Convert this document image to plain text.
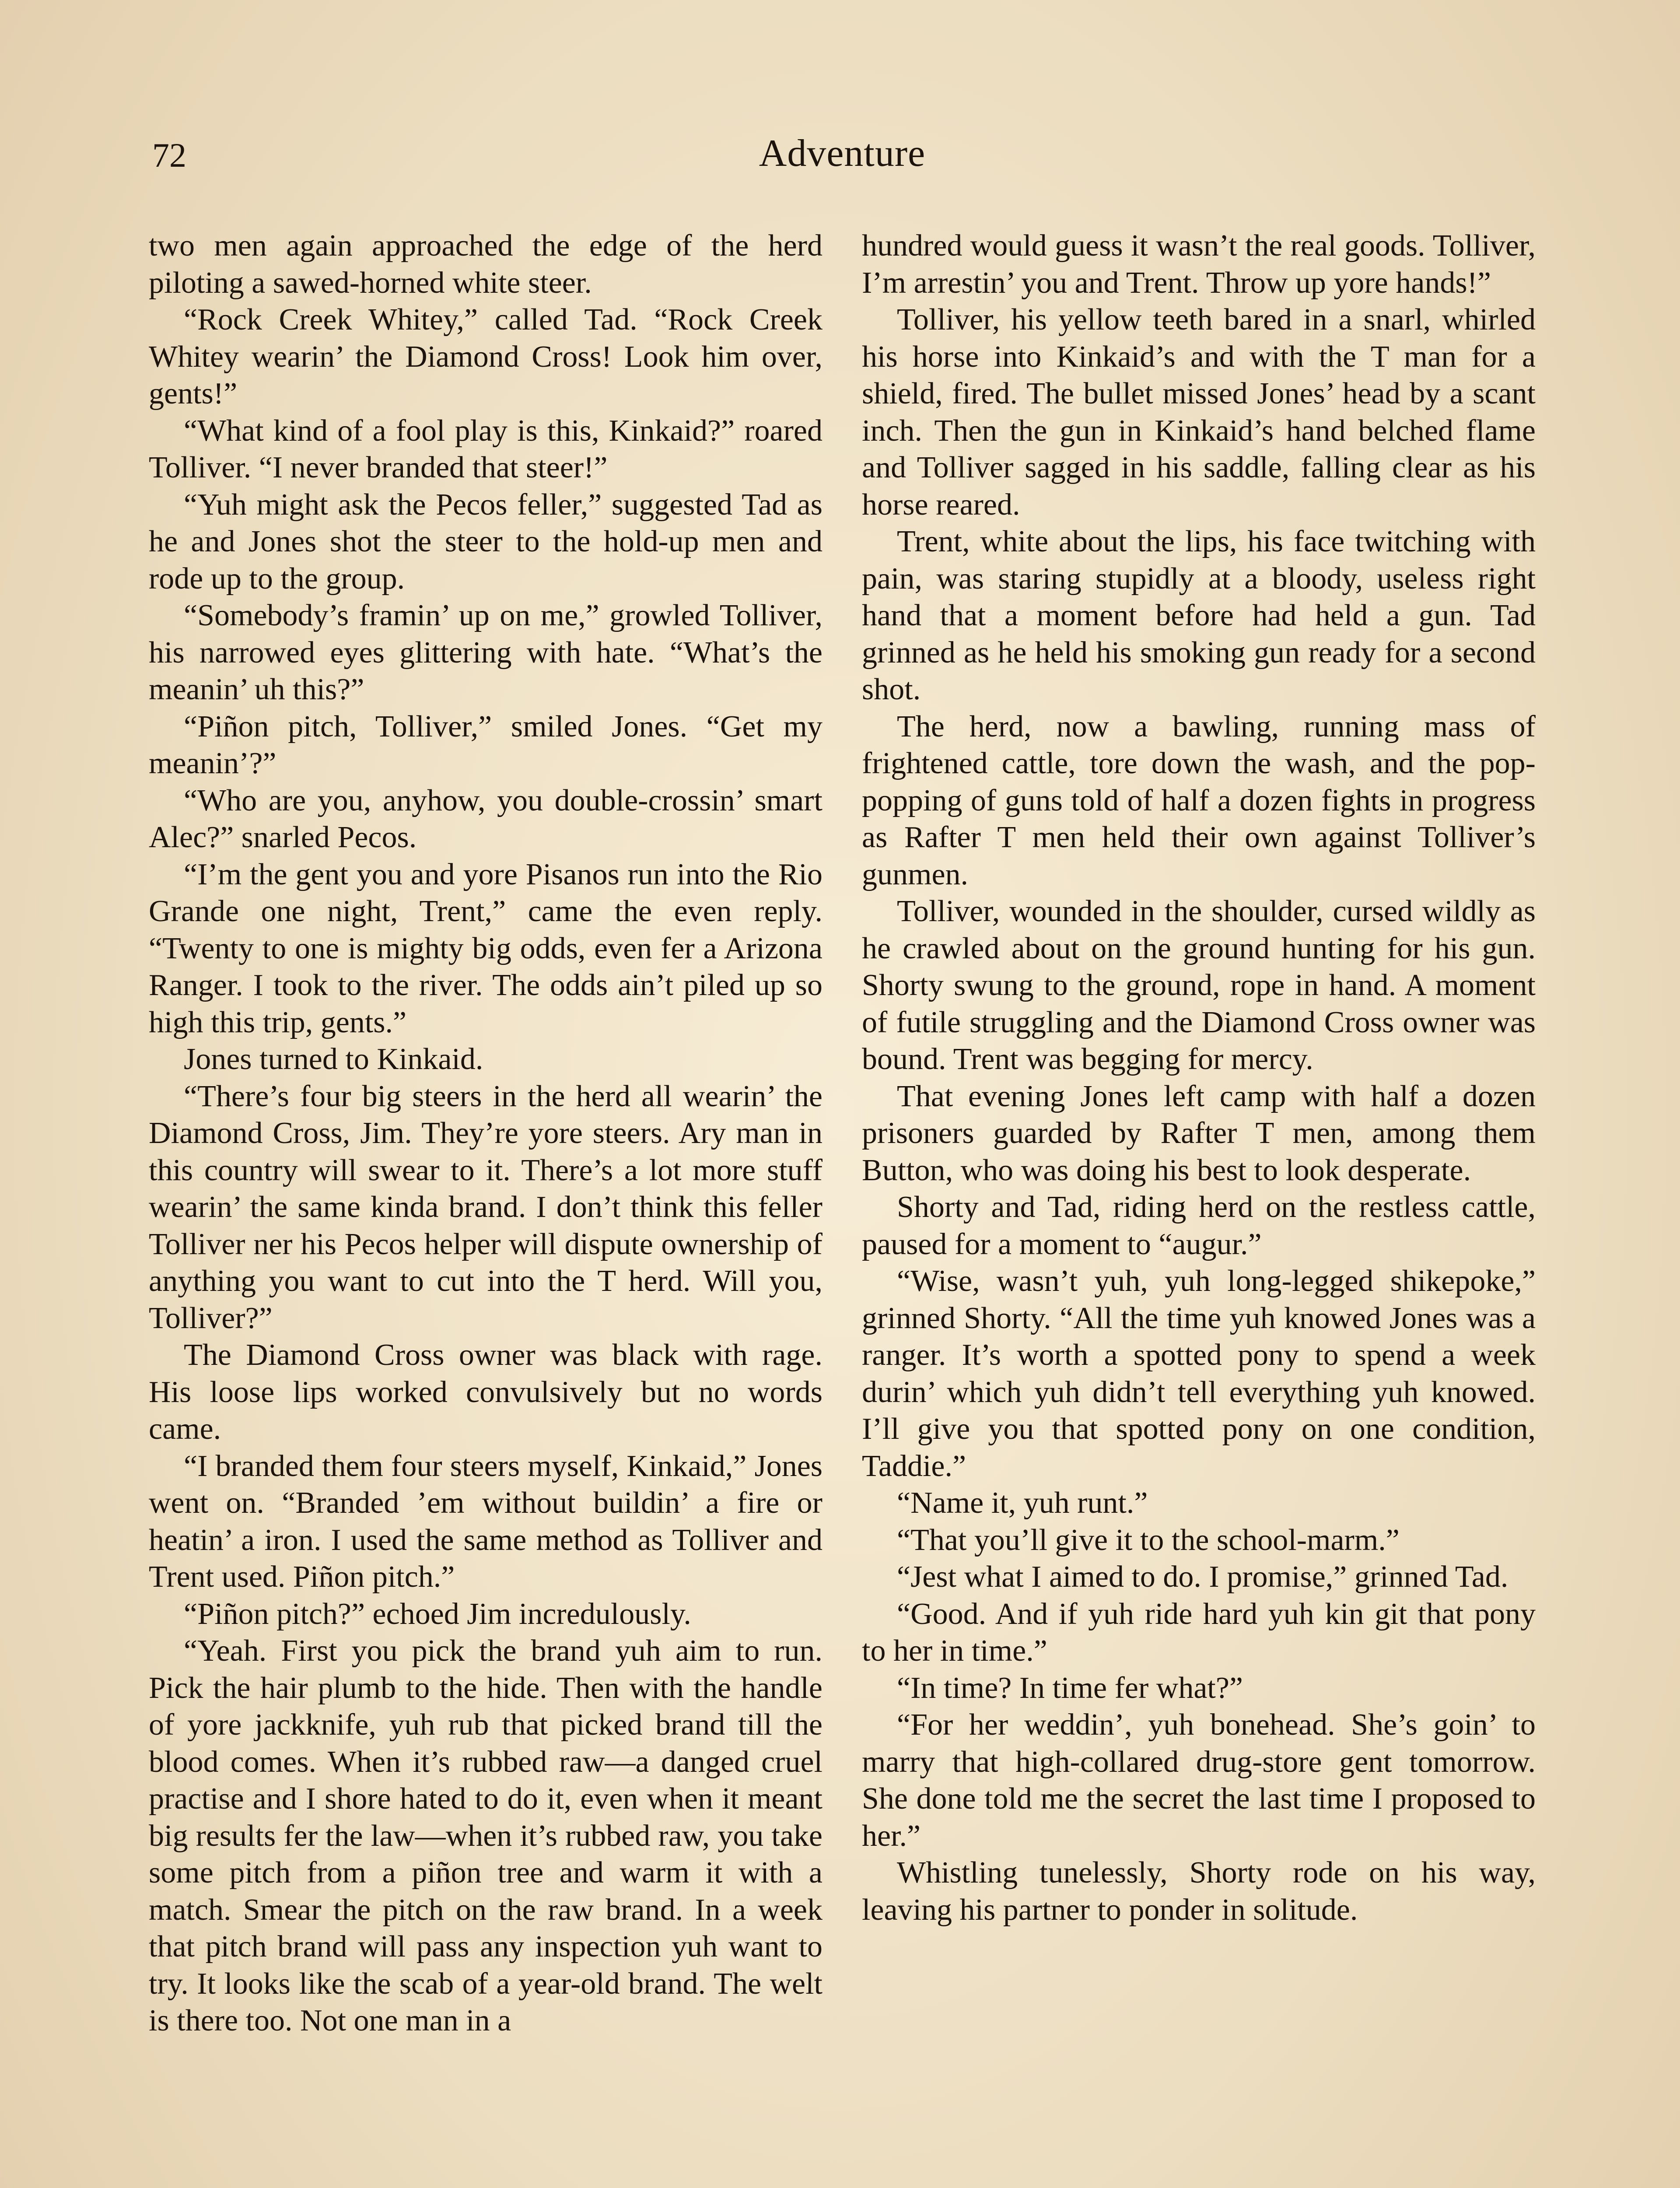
72	Adventure

two men again approached the edge of the herd piloting a sawed-horned white steer.

“Rock Creek Whitey,” called Tad. “Rock Creek Whitey wearin’ the Diamond Cross! Look him over, gents!”

“What kind of a fool play is this, Kinkaid?” roared Tolliver. “I never branded that steer!”

“Yuh might ask the Pecos feller,” suggested Tad as he and Jones shot the steer to the hold-up men and rode up to the group.

“Somebody’s framin’ up on me,” growled Tolliver, his narrowed eyes glittering with hate. “What’s the meanin’ uh this?”

“Piñon pitch, Tolliver,” smiled Jones. “Get my meanin’?”

“Who are you, anyhow, you double-crossin’ smart Alec?” snarled Pecos.

“I’m the gent you and yore Pisanos run into the Rio Grande one night, Trent,” came the even reply. “Twenty to one is mighty big odds, even fer a Arizona Ranger. I took to the river. The odds ain’t piled up so high this trip, gents.”

Jones turned to Kinkaid.

“There’s four big steers in the herd all wearin’ the Diamond Cross, Jim. They’re yore steers. Ary man in this country will swear to it. There’s a lot more stuff wearin’ the same kinda brand. I don’t think this feller Tolliver ner his Pecos helper will dispute ownership of anything you want to cut into the T herd. Will you, Tolliver?”

The Diamond Cross owner was black with rage. His loose lips worked convulsively but no words came.

“I branded them four steers myself, Kinkaid,” Jones went on. “Branded ’em without buildin’ a fire or heatin’ a iron. I used the same method as Tolliver and Trent used. Piñon pitch.”

“Piñon pitch?” echoed Jim incredulously.

“Yeah. First you pick the brand yuh aim to run. Pick the hair plumb to the hide. Then with the handle of yore jackknife, yuh rub that picked brand till the blood comes. When it’s rubbed raw—a danged cruel practise and I shore hated to do it, even when it meant big results fer the law—when it’s rubbed raw, you take some pitch from a piñon tree and warm it with a match. Smear the pitch on the raw brand. In a week that pitch brand will pass any inspection yuh want to try. It looks like the scab of a year-old brand. The welt is there too. Not one man in a

hundred would guess it wasn’t the real goods. Tolliver, I’m arrestin’ you and Trent. Throw up yore hands!”

Tolliver, his yellow teeth bared in a snarl, whirled his horse into Kinkaid’s and with the T man for a shield, fired. The bullet missed Jones’ head by a scant inch. Then the gun in Kinkaid’s hand belched flame and Tolliver sagged in his saddle, falling clear as his horse reared.

Trent, white about the lips, his face twitching with pain, was staring stupidly at a bloody, useless right hand that a moment before had held a gun. Tad grinned as he held his smoking gun ready for a second shot.

The herd, now a bawling, running mass of frightened cattle, tore down the wash, and the pop-popping of guns told of half a dozen fights in progress as Rafter T men held their own against Tolliver’s gunmen.

Tolliver, wounded in the shoulder, cursed wildly as he crawled about on the ground hunting for his gun. Shorty swung to the ground, rope in hand. A moment of futile struggling and the Diamond Cross owner was bound. Trent was begging for mercy.

That evening Jones left camp with half a dozen prisoners guarded by Rafter T men, among them Button, who was doing his best to look desperate.

Shorty and Tad, riding herd on the restless cattle, paused for a moment to “augur.”

“Wise, wasn’t yuh, yuh long-legged shikepoke,” grinned Shorty. “All the time yuh knowed Jones was a ranger. It’s worth a spotted pony to spend a week durin’ which yuh didn’t tell everything yuh knowed. I’ll give you that spotted pony on one condition, Taddie.”

“Name it, yuh runt.”

“That you’ll give it to the school-marm.”

“Jest what I aimed to do. I promise,” grinned Tad.

“Good. And if yuh ride hard yuh kin git that pony to her in time.”

“In time? In time fer what?”

“For her weddin’, yuh bonehead. She’s goin’ to marry that high-collared drug-store gent tomorrow. She done told me the secret the last time I proposed to her.”

Whistling tunelessly, Shorty rode on his way, leaving his partner to ponder in solitude.
